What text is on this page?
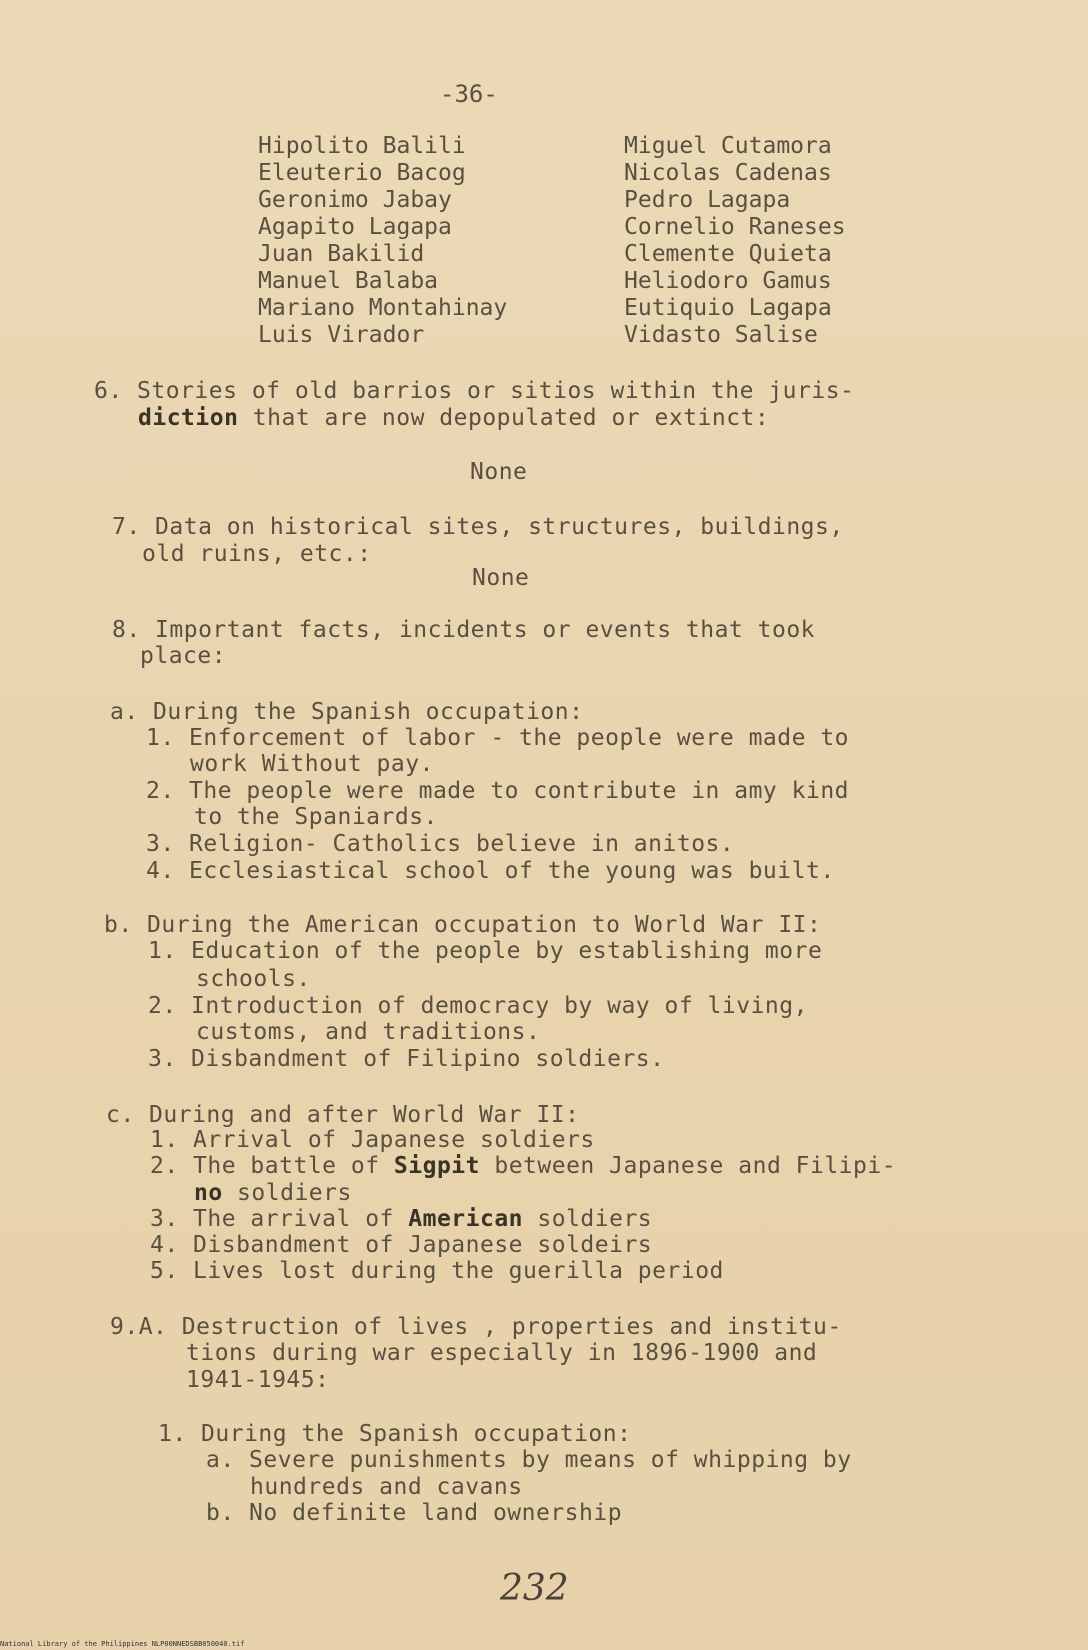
-36-
Hipolito Balili
Eleuterio Bacog
Geronimo Jabay
Agapito Lagapa
Juan Bakilid
Manuel Balaba
Mariano Montahinay
Luis Virador
Miguel Cutamora
Nicolas Cadenas
Pedro Lagapa
Cornelio Raneses
Clemente Quieta
Heliodoro Gamus
Eutiquio Lagapa
Vidasto Salise
6. Stories of old barrios or sitios within the juris-
diction that are now depopulated or extinct:
None
7. Data on historical sites, structures, buildings,
old ruins, etc.:
None
8. Important facts, incidents or events that took
place:
a. During the Spanish occupation:
1. Enforcement of labor - the people were made to
work Without pay.
2. The people were made to contribute in amy kind
to the Spaniards.
3. Religion- Catholics believe in anitos.
4. Ecclesiastical school of the young was built.
b. During the American occupation to World War II:
1. Education of the people by establishing more
schools.
2. Introduction of democracy by way of living,
customs, and traditions.
3. Disbandment of Filipino soldiers.
c. During and after World War II:
1. Arrival of Japanese soldiers
2. The battle of Sigpit between Japanese and Filipi-
no soldiers
3. The arrival of American soldiers
4. Disbandment of Japanese soldeirs
5. Lives lost during the guerilla period
9.A. Destruction of lives , properties and institu-
tions during war especially in 1896-1900 and
1941-1945:
1. During the Spanish occupation:
a. Severe punishments by means of whipping by
hundreds and cavans
b. No definite land ownership
232
National Library of the Philippines NLP00NNEDSBB050040.tif
